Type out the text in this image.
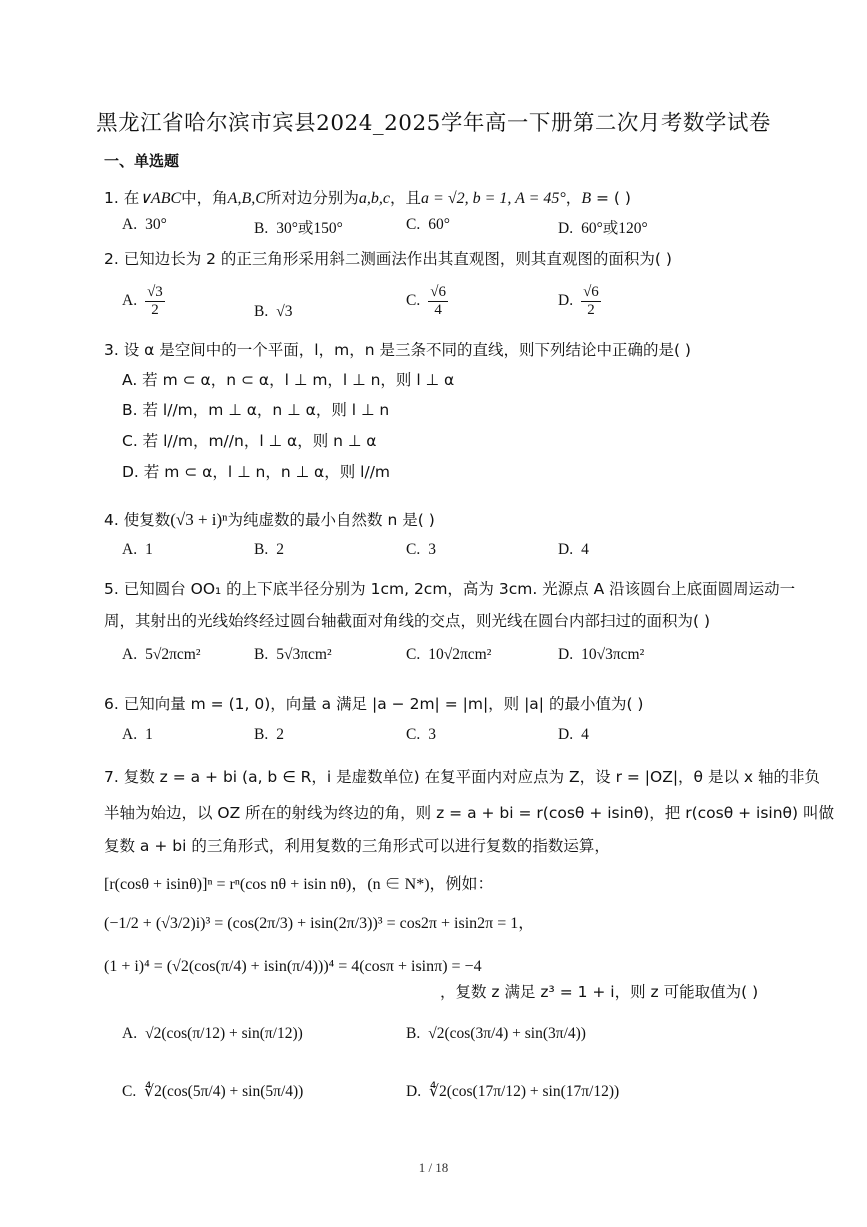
黑龙江省哈尔滨市宾县2024_2025学年高一下册第二次月考数学试卷
一、单选题
1. 在∨ABC中，角A,B,C所对边分别为a,b,c，且a = √2, b = 1, A = 45°，B = ( )
A. 30°	B. 30°或150°	C. 60°	D. 60°或120°
2. 已知边长为 2 的正三角形采用斜二测画法作出其直观图，则其直观图的面积为( )
A. $\frac{√3}{2}$	B. √3
C. $\frac{√6}{4}$	D. $\frac{√6}{2}$
3. 设 α 是空间中的一个平面，l，m，n 是三条不同的直线，则下列结论中正确的是( )
A. 若 m ⊂ α，n ⊂ α，l ⊥ m，l ⊥ n，则 l ⊥ α
B. 若 l//m，m ⊥ α，n ⊥ α，则 l ⊥ n
C. 若 l//m，m//n，l ⊥ α，则 n ⊥ α
D. 若 m ⊂ α，l ⊥ n，n ⊥ α，则 l//m
4. 使复数(√3 + i)ⁿ为纯虚数的最小自然数 n 是( )
A. 1	B. 2	C. 3	D. 4
5. 已知圆台 OO₁ 的上下底半径分别为 1cm, 2cm，高为 3cm. 光源点 A 沿该圆台上底面圆周运动一
周，其射出的光线始终经过圆台轴截面对角线的交点，则光线在圆台内部扫过的面积为( )
A. 5√2πcm²	B. 5√3πcm²	C. 10√2πcm²	D. 10√3πcm²
6. 已知向量 m = (1, 0)，向量 a 满足 |a − 2m| = |m|，则 |a| 的最小值为( )
A. 1	B. 2	C. 3	D. 4
7. 复数 z = a + bi (a, b ∈ R，i 是虚数单位) 在复平面内对应点为 Z，设 r = |OZ|，θ 是以 x 轴的非负
半轴为始边，以 OZ 所在的射线为终边的角，则 z = a + bi = r(cosθ + isinθ)，把 r(cosθ + isinθ) 叫做
复数 a + bi 的三角形式，利用复数的三角形式可以进行复数的指数运算，
[r(cosθ + isinθ)]ⁿ = rⁿ(cos nθ + isin nθ)，(n ∈ N*)，例如：
(−1/2 + (√3/2)i)³ = (cos(2π/3) + isin(2π/3))³ = cos2π + isin2π = 1，
(1 + i)⁴ = (√2(cos(π/4) + isin(π/4)))⁴ = 4(cosπ + isinπ) = −4
，复数 z 满足 z³ = 1 + i，则 z 可能取值为( )
A. √2(cos(π/12) + sin(π/12))	B. √2(cos(3π/4) + sin(3π/4))
C. ∜2(cos(5π/4) + sin(5π/4))	D. ∜2(cos(17π/12) + sin(17π/12))
1 / 18
